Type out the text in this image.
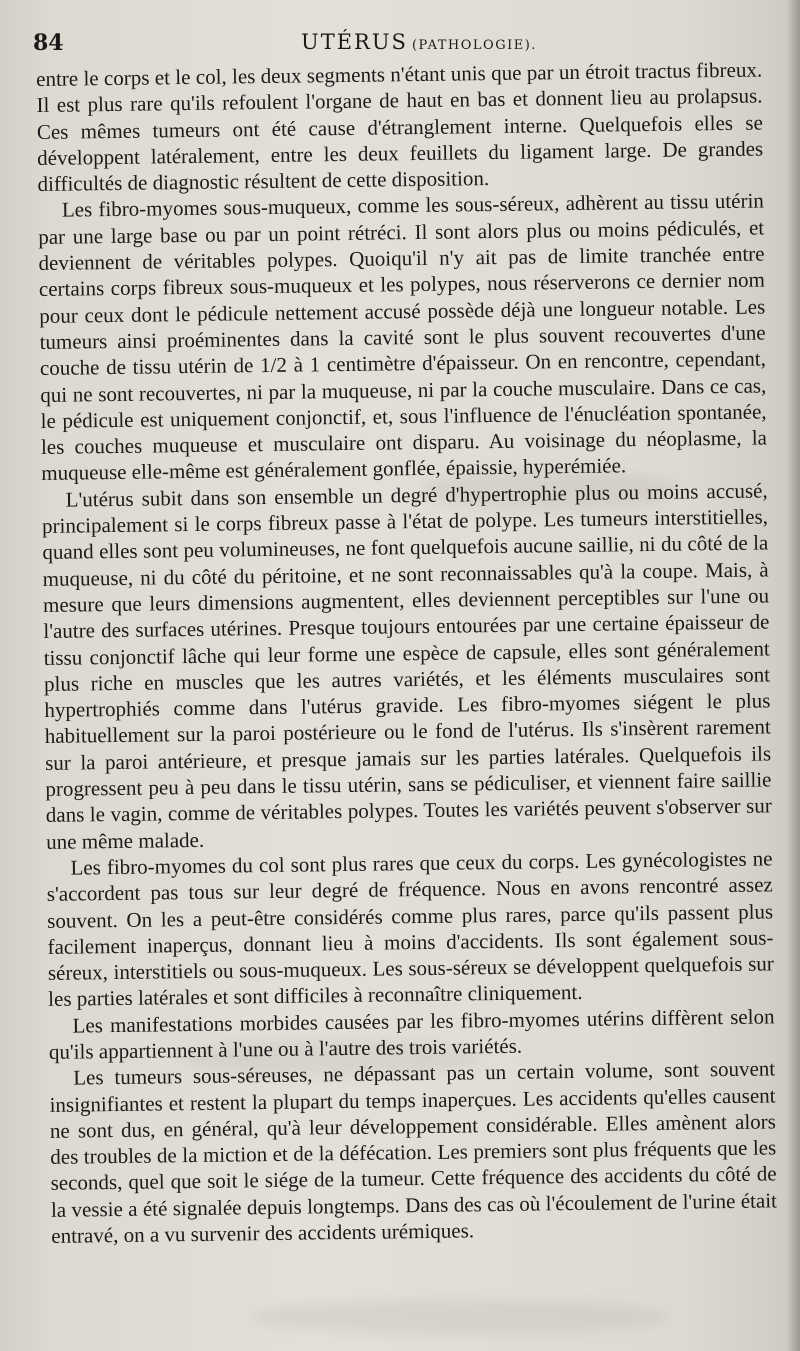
84	UTÉRUS (PATHOLOGIE).

entre le corps et le col, les deux segments n'étant unis que par un étroit tractus fibreux. Il est plus rare qu'ils refoulent l'organe de haut en bas et donnent lieu au prolapsus. Ces mêmes tumeurs ont été cause d'étranglement interne. Quelquefois elles se développent latéralement, entre les deux feuillets du ligament large. De grandes difficultés de diagnostic résultent de cette disposition.

Les fibro-myomes sous-muqueux, comme les sous-séreux, adhèrent au tissu utérin par une large base ou par un point rétréci. Il sont alors plus ou moins pédiculés, et deviennent de véritables polypes. Quoiqu'il n'y ait pas de limite tranchée entre certains corps fibreux sous-muqueux et les polypes, nous réserverons ce dernier nom pour ceux dont le pédicule nettement accusé possède déjà une longueur notable. Les tumeurs ainsi proéminentes dans la cavité sont le plus souvent recouvertes d'une couche de tissu utérin de 1/2 à 1 centimètre d'épaisseur. On en rencontre, cependant, qui ne sont recouvertes, ni par la muqueuse, ni par la couche musculaire. Dans ce cas, le pédicule est uniquement conjonctif, et, sous l'influence de l'énucléation spontanée, les couches muqueuse et musculaire ont disparu. Au voisinage du néoplasme, la muqueuse elle-même est généralement gonflée, épaissie, hyperémiée.

L'utérus subit dans son ensemble un degré d'hypertrophie plus ou moins accusé, principalement si le corps fibreux passe à l'état de polype. Les tumeurs interstitielles, quand elles sont peu volumineuses, ne font quelquefois aucune saillie, ni du côté de la muqueuse, ni du côté du péritoine, et ne sont reconnaissables qu'à la coupe. Mais, à mesure que leurs dimensions augmentent, elles deviennent perceptibles sur l'une ou l'autre des surfaces utérines. Presque toujours entourées par une certaine épaisseur de tissu conjonctif lâche qui leur forme une espèce de capsule, elles sont généralement plus riche en muscles que les autres variétés, et les éléments musculaires sont hypertrophiés comme dans l'utérus gravide. Les fibro-myomes siégent le plus habituellement sur la paroi postérieure ou le fond de l'utérus. Ils s'insèrent rarement sur la paroi antérieure, et presque jamais sur les parties latérales. Quelquefois ils progressent peu à peu dans le tissu utérin, sans se pédiculiser, et viennent faire saillie dans le vagin, comme de véritables polypes. Toutes les variétés peuvent s'observer sur une même malade.

Les fibro-myomes du col sont plus rares que ceux du corps. Les gynécologistes ne s'accordent pas tous sur leur degré de fréquence. Nous en avons rencontré assez souvent. On les a peut-être considérés comme plus rares, parce qu'ils passent plus facilement inaperçus, donnant lieu à moins d'accidents. Ils sont également sous-séreux, interstitiels ou sous-muqueux. Les sous-séreux se développent quelquefois sur les parties latérales et sont difficiles à reconnaître cliniquement.

Les manifestations morbides causées par les fibro-myomes utérins diffèrent selon qu'ils appartiennent à l'une ou à l'autre des trois variétés.

Les tumeurs sous-séreuses, ne dépassant pas un certain volume, sont souvent insignifiantes et restent la plupart du temps inaperçues. Les accidents qu'elles causent ne sont dus, en général, qu'à leur développement considérable. Elles amènent alors des troubles de la miction et de la défécation. Les premiers sont plus fréquents que les seconds, quel que soit le siége de la tumeur. Cette fréquence des accidents du côté de la vessie a été signalée depuis longtemps. Dans des cas où l'écoulement de l'urine était entravé, on a vu survenir des accidents urémiques.
